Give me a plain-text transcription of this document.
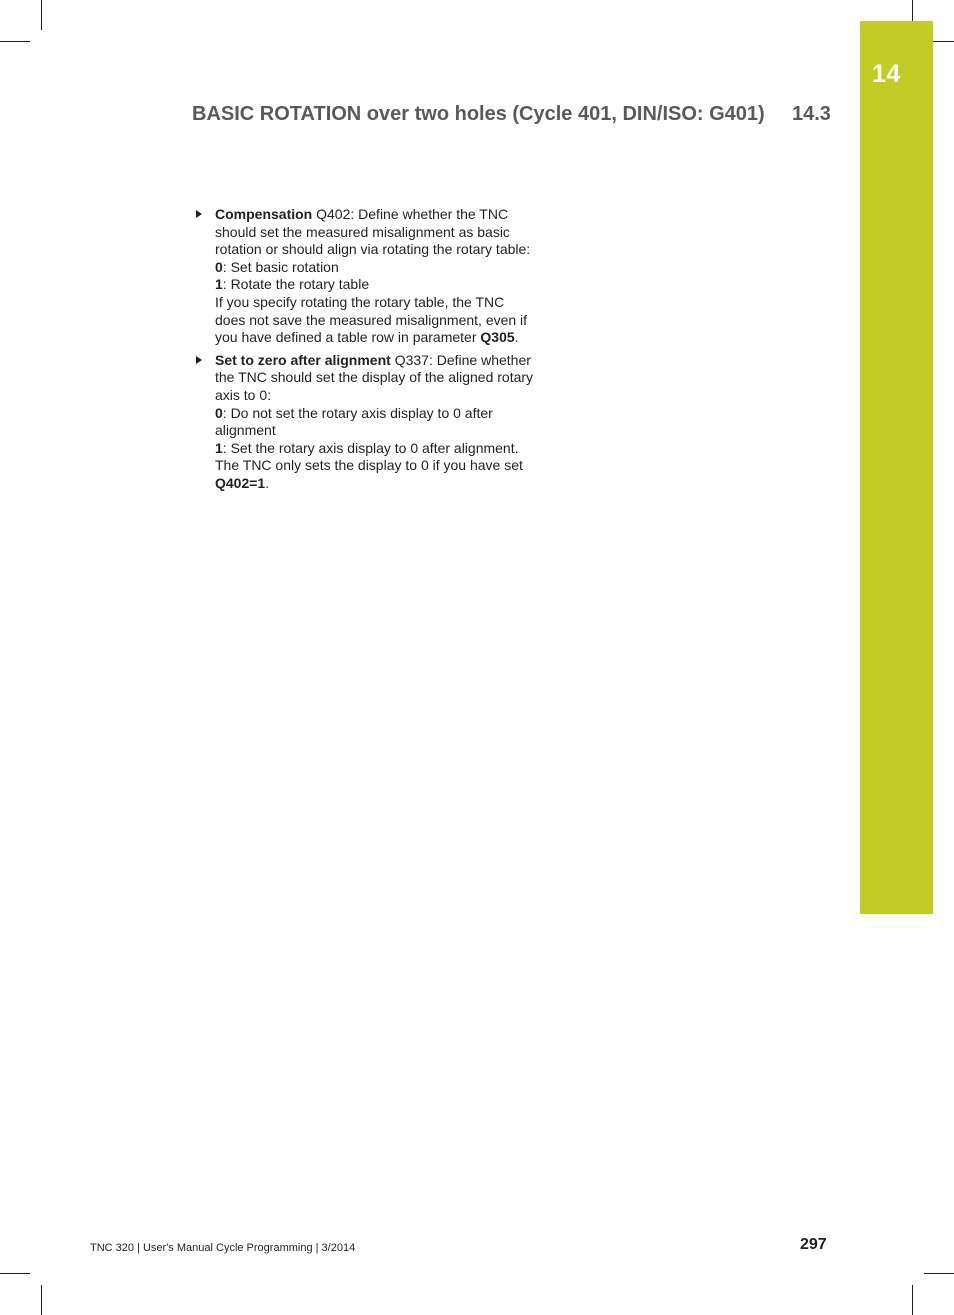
14
BASIC ROTATION over two holes (Cycle 401, DIN/ISO: G401) 14.3
Compensation Q402: Define whether the TNC
should set the measured misalignment as basic
rotation or should align via rotating the rotary table:
0: Set basic rotation
1: Rotate the rotary table
If you specify rotating the rotary table, the TNC
does not save the measured misalignment, even if
you have defined a table row in parameter Q305.
Set to zero after alignment Q337: Define whether
the TNC should set the display of the aligned rotary
axis to 0:
0: Do not set the rotary axis display to 0 after
alignment
1: Set the rotary axis display to 0 after alignment.
The TNC only sets the display to 0 if you have set
Q402=1.
TNC 320 | User's Manual Cycle Programming | 3/2014	297
